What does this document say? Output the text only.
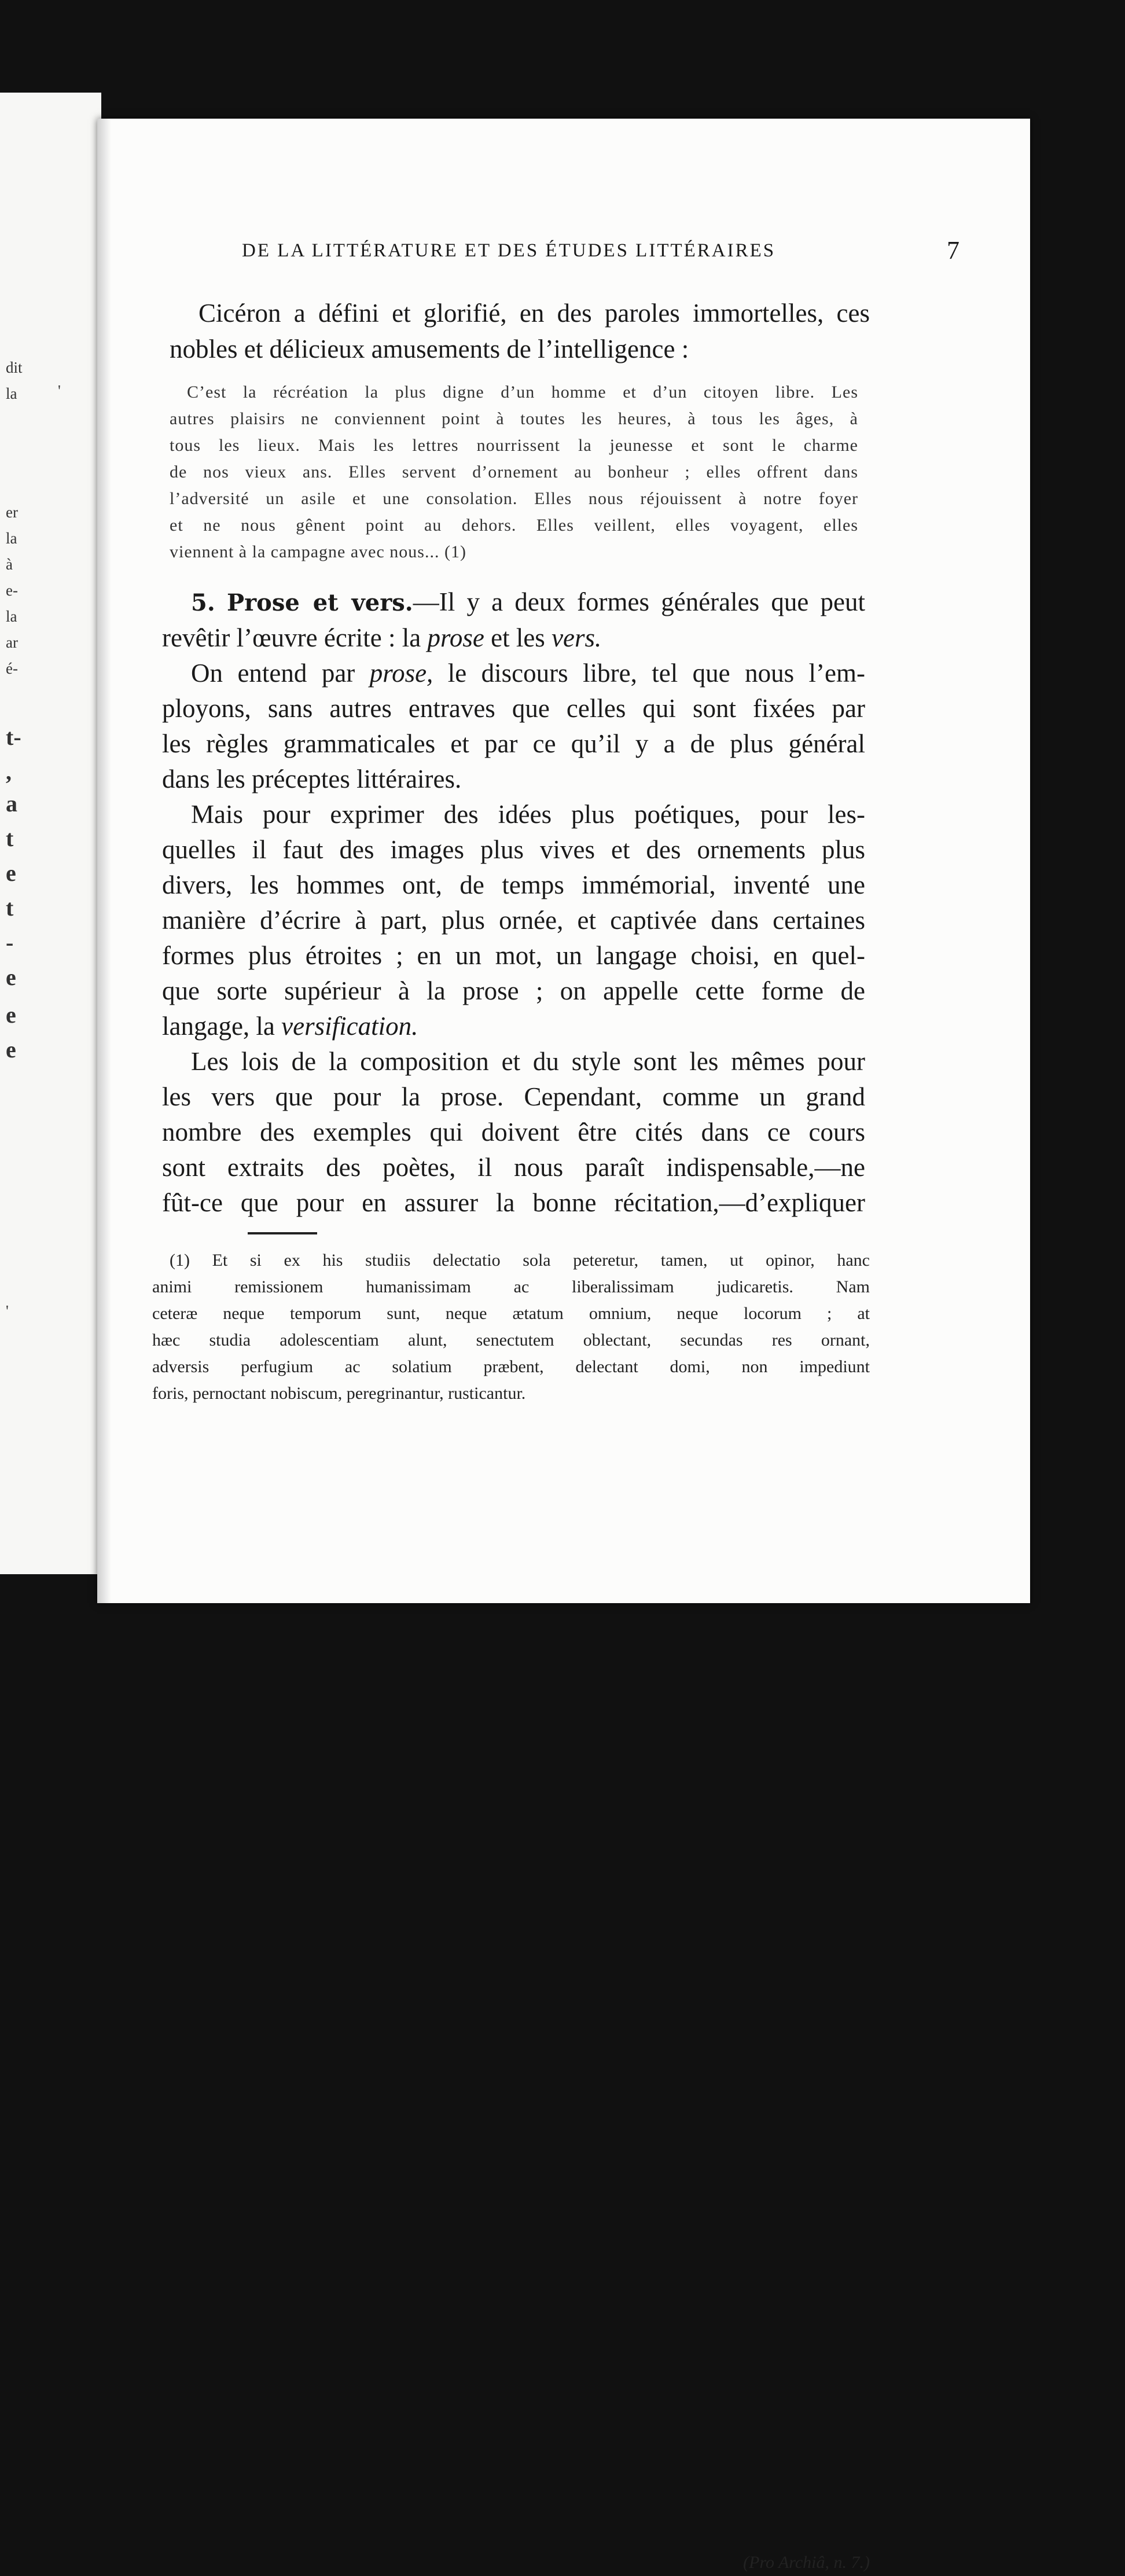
dit
la	'
er
la
à
e-
la
ar
é-
t-
,
a
t
e
t
-
e
e
e
'
DE LA LITTÉRATURE ET DES ÉTUDES LITTÉRAIRES	7
Cicéron a défini et glorifié, en des paroles immortelles, ces
nobles et délicieux amusements de l’intelligence :
C’est la récréation la plus digne d’un homme et d’un citoyen libre. Les
autres plaisirs ne conviennent point à toutes les heures, à tous les âges, à
tous les lieux. Mais les lettres nourrissent la jeunesse et sont le charme
de nos vieux ans. Elles servent d’ornement au bonheur ; elles offrent dans
l’adversité un asile et une consolation. Elles nous réjouissent à notre foyer
et ne nous gênent point au dehors. Elles veillent, elles voyagent, elles
viennent à la campagne avec nous... (1)
5. Prose et vers.—Il y a deux formes générales que peut
revêtir l’œuvre écrite : la prose et les vers.
On entend par prose, le discours libre, tel que nous l’em-
ployons, sans autres entraves que celles qui sont fixées par
les règles grammaticales et par ce qu’il y a de plus général
dans les préceptes littéraires.
Mais pour exprimer des idées plus poétiques, pour les-
quelles il faut des images plus vives et des ornements plus
divers, les hommes ont, de temps immémorial, inventé une
manière d’écrire à part, plus ornée, et captivée dans certaines
formes plus étroites ; en un mot, un langage choisi, en quel-
que sorte supérieur à la prose ; on appelle cette forme de
langage, la versification.
Les lois de la composition et du style sont les mêmes pour
les vers que pour la prose. Cependant, comme un grand
nombre des exemples qui doivent être cités dans ce cours
sont extraits des poètes, il nous paraît indispensable,—ne
fût-ce que pour en assurer la bonne récitation,—d’expliquer
(1) Et si ex his studiis delectatio sola peteretur, tamen, ut opinor, hanc
animi remissionem humanissimam ac liberalissimam judicaretis. Nam
ceteræ neque temporum sunt, neque ætatum omnium, neque locorum ; at
hæc studia adolescentiam alunt, senectutem oblectant, secundas res ornant,
adversis perfugium ac solatium præbent, delectant domi, non impediunt
foris, pernoctant nobiscum, peregrinantur, rusticantur.
(Pro Archiâ, n. 7.)
